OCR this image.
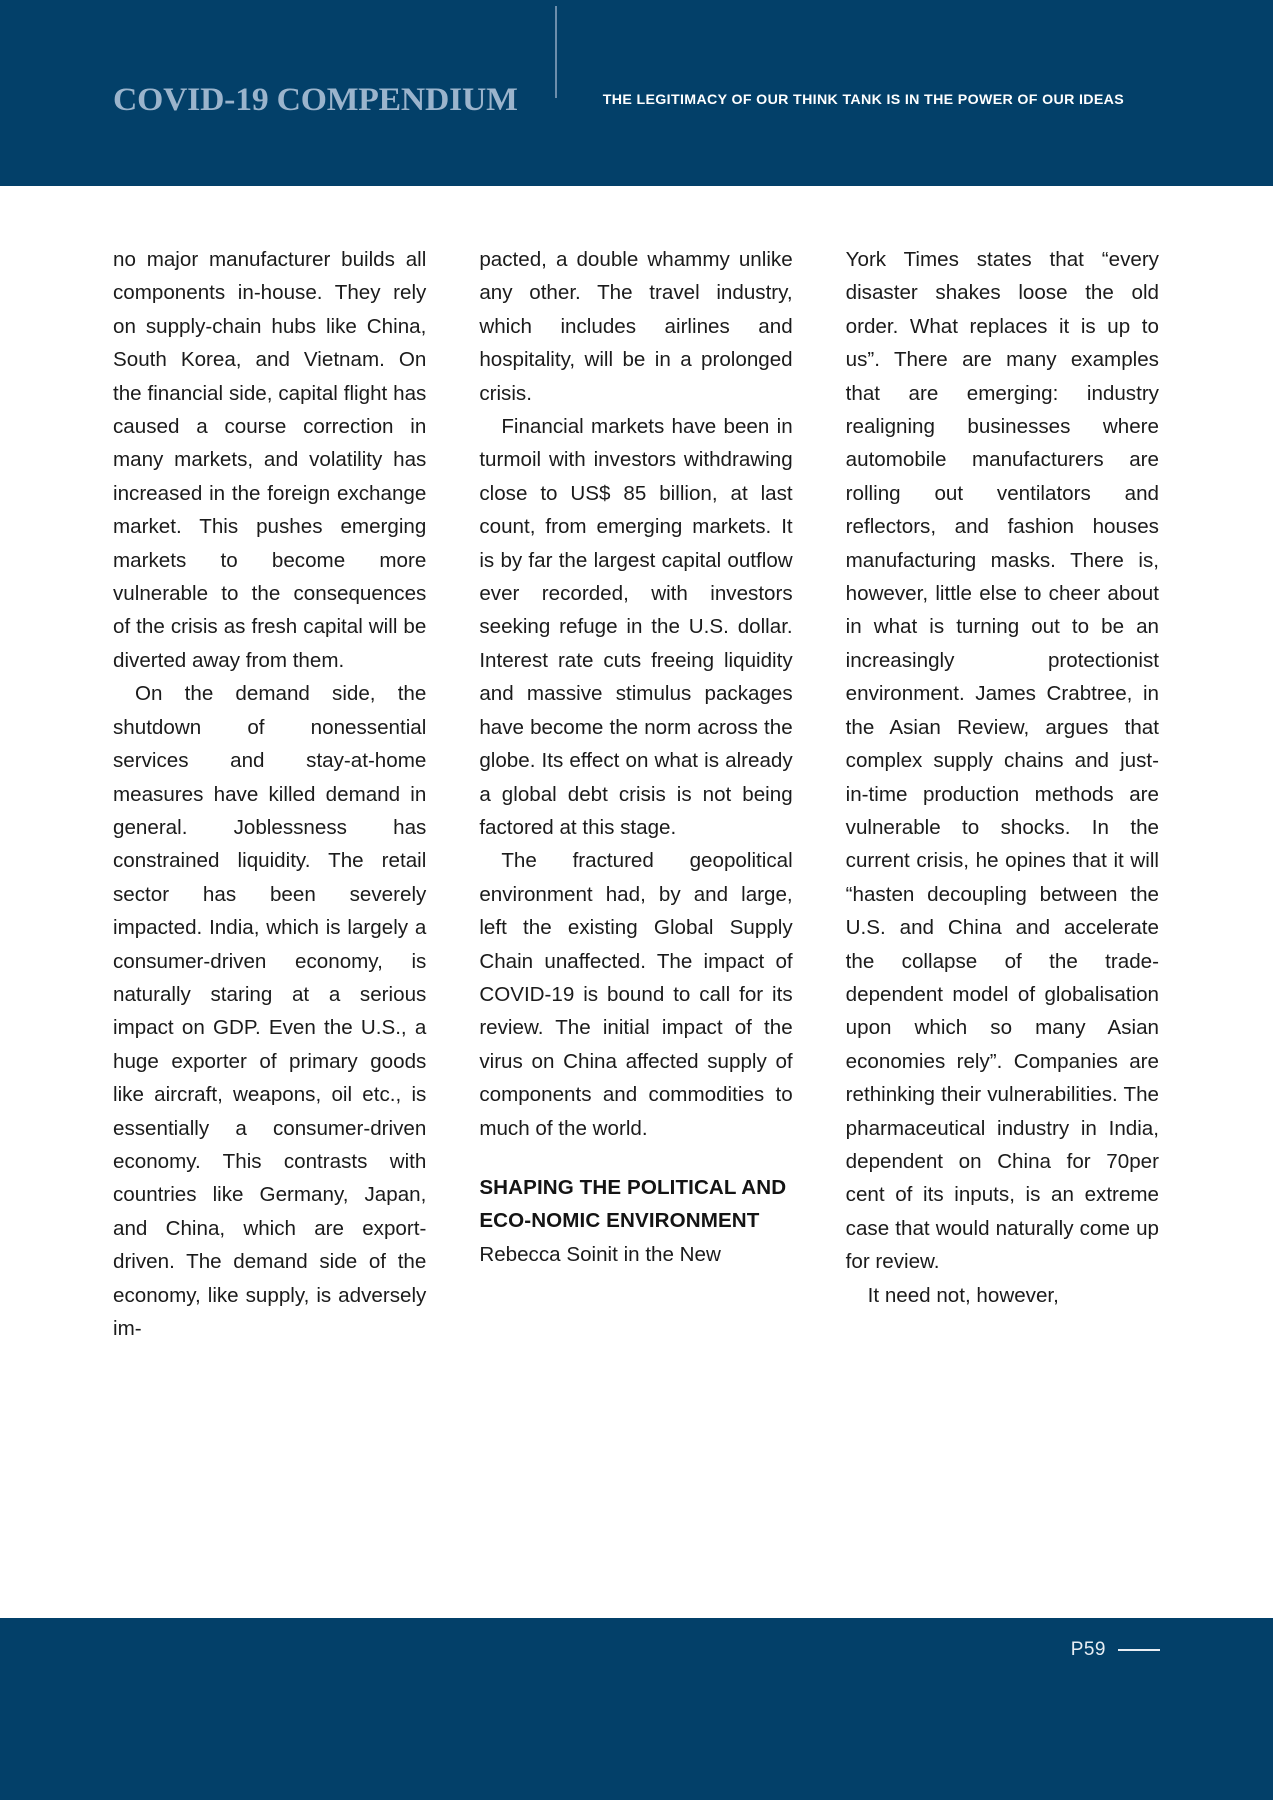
COVID-19 COMPENDIUM	THE LEGITIMACY OF OUR THINK TANK IS IN THE POWER OF OUR IDEAS

no major manufacturer builds all components in-house. They rely on supply-chain hubs like China, South Korea, and Vietnam. On the financial side, capital flight has caused a course correction in many markets, and volatility has increased in the foreign exchange market. This pushes emerging markets to become more vulnerable to the consequences of the crisis as fresh capital will be diverted away from them.

On the demand side, the shutdown of nonessential services and stay-at-home measures have killed demand in general. Joblessness has constrained liquidity. The retail sector has been severely impacted. India, which is largely a consumer-driven economy, is naturally staring at a serious impact on GDP. Even the U.S., a huge exporter of primary goods like aircraft, weapons, oil etc., is essentially a consumer-driven economy. This contrasts with countries like Germany, Japan, and China, which are export-driven. The demand side of the economy, like supply, is adversely im-

pacted, a double whammy unlike any other. The travel industry, which includes airlines and hospitality, will be in a prolonged crisis.

Financial markets have been in turmoil with investors withdrawing close to US$ 85 billion, at last count, from emerging markets. It is by far the largest capital outflow ever recorded, with investors seeking refuge in the U.S. dollar. Interest rate cuts freeing liquidity and massive stimulus packages have become the norm across the globe. Its effect on what is already a global debt crisis is not being factored at this stage.

The fractured geopolitical environment had, by and large, left the existing Global Supply Chain unaffected. The impact of COVID-19 is bound to call for its review. The initial impact of the virus on China affected supply of components and commodities to much of the world.

SHAPING THE POLITICAL AND ECO-NOMIC ENVIRONMENT

Rebecca Soinit in the New

York Times states that “every disaster shakes loose the old order. What replaces it is up to us”. There are many examples that are emerging: industry realigning businesses where automobile manufacturers are rolling out ventilators and reflectors, and fashion houses manufacturing masks. There is, however, little else to cheer about in what is turning out to be an increasingly protectionist environment. James Crabtree, in the Asian Review, argues that complex supply chains and just-in-time production methods are vulnerable to shocks. In the current crisis, he opines that it will “hasten decoupling between the U.S. and China and accelerate the collapse of the trade-dependent model of globalisation upon which so many Asian economies rely”. Companies are rethinking their vulnerabilities. The pharmaceutical industry in India, dependent on China for 70per cent of its inputs, is an extreme case that would naturally come up for review.

It need not, however,

P59
